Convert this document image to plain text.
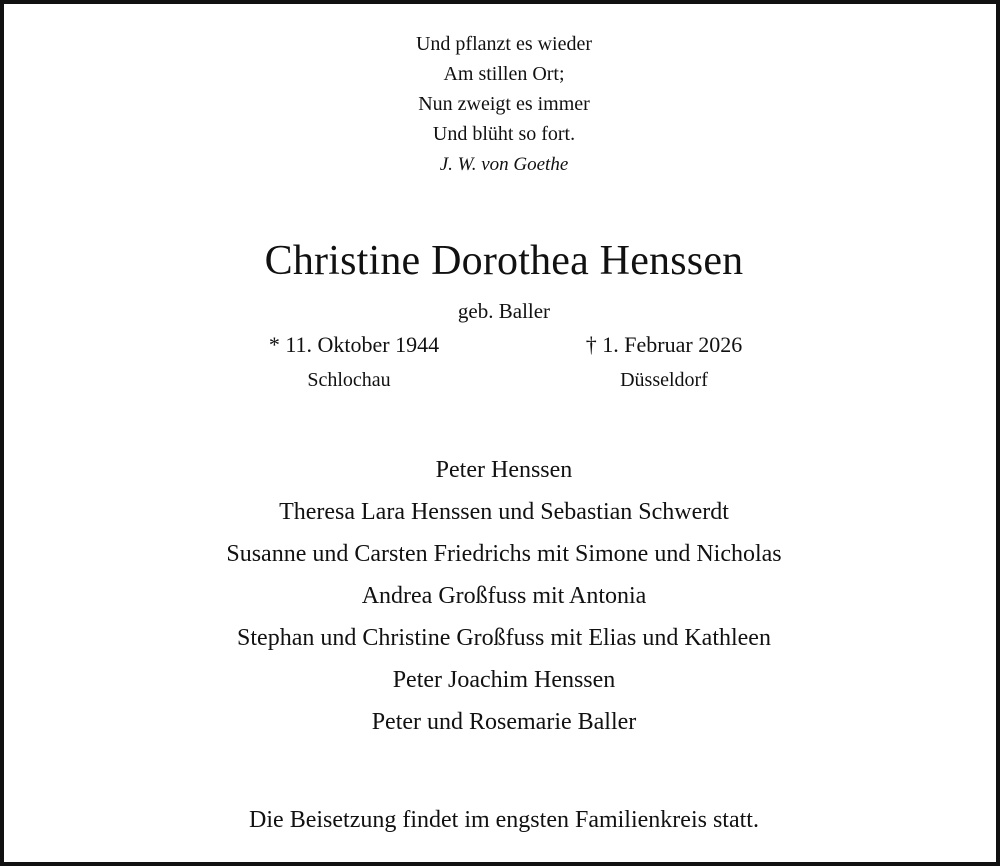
Und pflanzt es wieder
Am stillen Ort;
Nun zweigt es immer
Und blüht so fort.
J. W. von Goethe
Christine Dorothea Henssen
geb. Baller
* 11. Oktober 1944	† 1. Februar 2026
Schlochau	Düsseldorf
Peter Henssen
Theresa Lara Henssen und Sebastian Schwerdt
Susanne und Carsten Friedrichs mit Simone und Nicholas
Andrea Großfuss mit Antonia
Stephan und Christine Großfuss mit Elias und Kathleen
Peter Joachim Henssen
Peter und Rosemarie Baller
Die Beisetzung findet im engsten Familienkreis statt.
